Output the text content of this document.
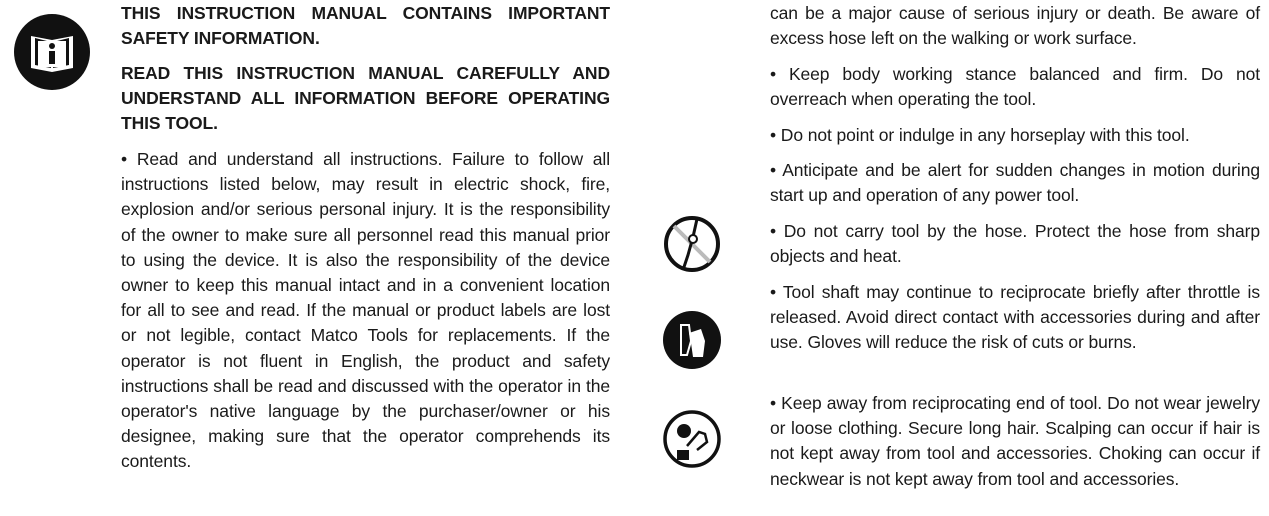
THIS INSTRUCTION MANUAL CONTAINS IMPORTANT SAFETY INFORMATION.

READ THIS INSTRUCTION MANUAL CAREFULLY AND UNDERSTAND ALL INFORMATION BEFORE OPERATING THIS TOOL.

• Read and understand all instructions. Failure to follow all instructions listed below, may result in electric shock, fire, explosion and/or serious personal injury. It is the responsibility of the owner to make sure all personnel read this manual prior to using the device. It is also the responsibility of the device owner to keep this manual intact and in a convenient location for all to see and read. If the manual or product labels are lost or not legible, contact Matco Tools for replacements. If the operator is not fluent in English, the product and safety instructions shall be read and discussed with the operator in the operator's native language by the purchaser/owner or his designee, making sure that the operator comprehends its contents.

can be a major cause of serious injury or death. Be aware of excess hose left on the walking or work surface.

• Keep body working stance balanced and firm. Do not overreach when operating the tool.

• Do not point or indulge in any horseplay with this tool.

• Anticipate and be alert for sudden changes in motion during start up and operation of any power tool.

• Do not carry tool by the hose. Protect the hose from sharp objects and heat.

• Tool shaft may continue to reciprocate briefly after throttle is released. Avoid direct contact with accessories during and after use. Gloves will reduce the risk of cuts or burns.

• Keep away from reciprocating end of tool. Do not wear jewelry or loose clothing. Secure long hair. Scalping can occur if hair is not kept away from tool and accessories. Choking can occur if neckwear is not kept away from tool and accessories.
